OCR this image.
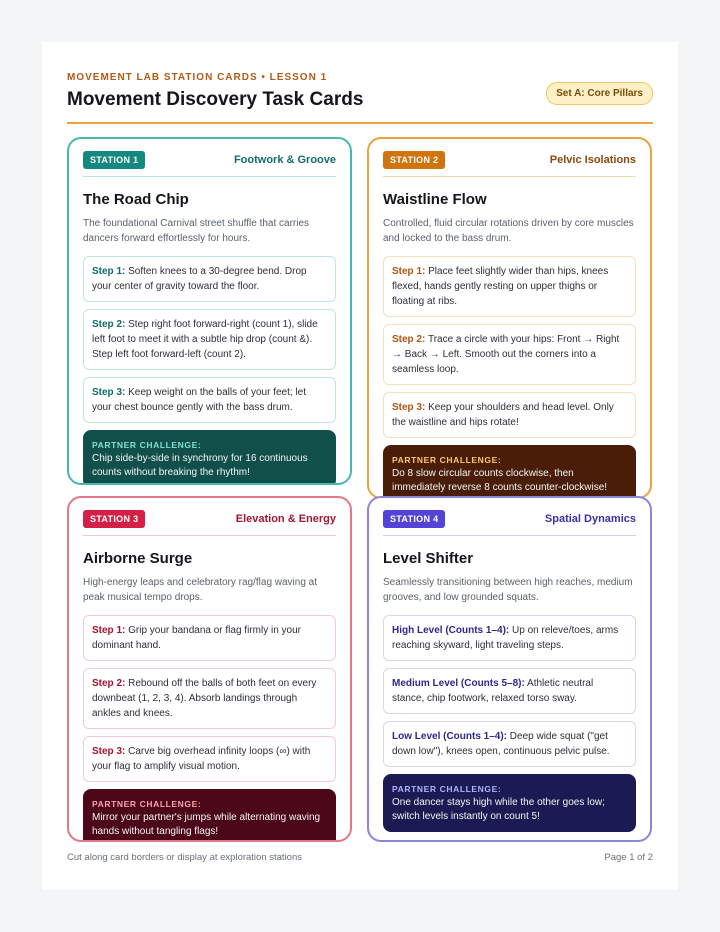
MOVEMENT LAB STATION CARDS • LESSON 1
Movement Discovery Task Cards	Set A: Core Pillars
STATION 1	Footwork & Groove
The Road Chip
The foundational Carnival street shuffle that carries dancers forward effortlessly for hours.
Step 1: Soften knees to a 30-degree bend. Drop your center of gravity toward the floor.
Step 2: Step right foot forward-right (count 1), slide left foot to meet it with a subtle hip drop (count &). Step left foot forward-left (count 2).
Step 3: Keep weight on the balls of your feet; let your chest bounce gently with the bass drum.
PARTNER CHALLENGE:
Chip side-by-side in synchrony for 16 continuous counts without breaking the rhythm!
STATION 2	Pelvic Isolations
Waistline Flow
Controlled, fluid circular rotations driven by core muscles and locked to the bass drum.
Step 1: Place feet slightly wider than hips, knees flexed, hands gently resting on upper thighs or floating at ribs.
Step 2: Trace a circle with your hips: Front → Right → Back → Left. Smooth out the corners into a seamless loop.
Step 3: Keep your shoulders and head level. Only the waistline and hips rotate!
PARTNER CHALLENGE:
Do 8 slow circular counts clockwise, then immediately reverse 8 counts counter-clockwise!
STATION 3	Elevation & Energy
Airborne Surge
High-energy leaps and celebratory rag/flag waving at peak musical tempo drops.
Step 1: Grip your bandana or flag firmly in your dominant hand.
Step 2: Rebound off the balls of both feet on every downbeat (1, 2, 3, 4). Absorb landings through ankles and knees.
Step 3: Carve big overhead infinity loops (∞) with your flag to amplify visual motion.
PARTNER CHALLENGE:
Mirror your partner's jumps while alternating waving hands without tangling flags!
STATION 4	Spatial Dynamics
Level Shifter
Seamlessly transitioning between high reaches, medium grooves, and low grounded squats.
High Level (Counts 1–4): Up on releve/toes, arms reaching skyward, light traveling steps.
Medium Level (Counts 5–8): Athletic neutral stance, chip footwork, relaxed torso sway.
Low Level (Counts 1–4): Deep wide squat ("get down low"), knees open, continuous pelvic pulse.
PARTNER CHALLENGE:
One dancer stays high while the other goes low; switch levels instantly on count 5!
Cut along card borders or display at exploration stations	Page 1 of 2
